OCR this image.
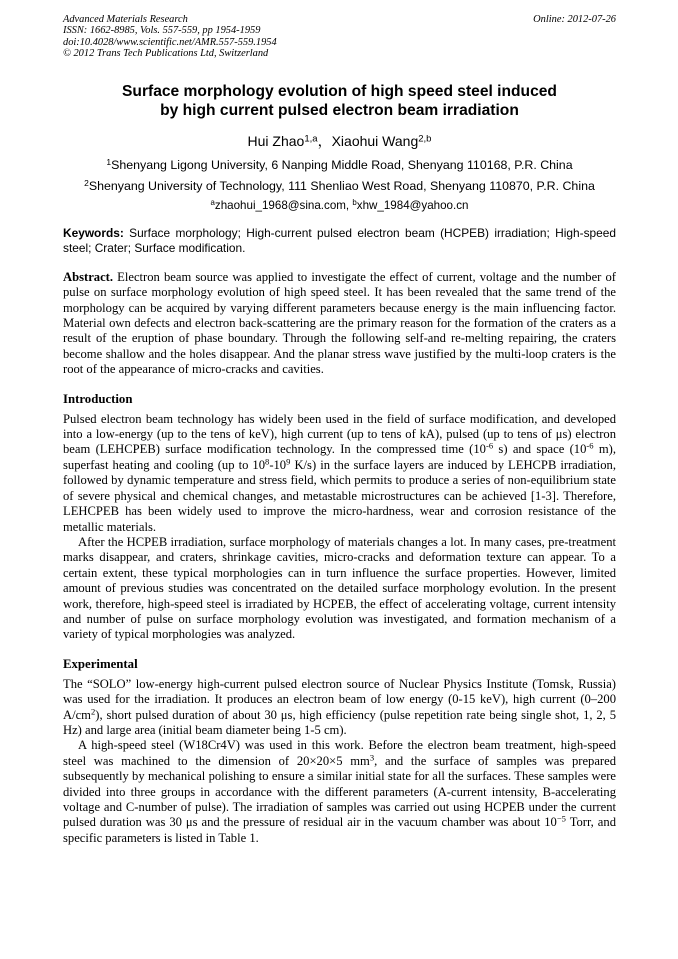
Advanced Materials Research
ISSN: 1662-8985, Vols. 557-559, pp 1954-1959
doi:10.4028/www.scientific.net/AMR.557-559.1954
© 2012 Trans Tech Publications Ltd, Switzerland
Online: 2012-07-26
Surface morphology evolution of high speed steel induced
by high current pulsed electron beam irradiation
Hui Zhao$^{1,a}$，Xiaohui Wang$^{2,b}$
$^1$Shenyang Ligong University, 6 Nanping Middle Road, Shenyang 110168, P.R. China
$^2$Shenyang University of Technology, 111 Shenliao West Road, Shenyang 110870, P.R. China
$^a$zhaohui_1968@sina.com, $^b$xhw_1984@yahoo.cn

Keywords: Surface morphology; High-current pulsed electron beam (HCPEB) irradiation; High-speed steel; Crater; Surface modification.

Abstract. Electron beam source was applied to investigate the effect of current, voltage and the number of pulse on surface morphology evolution of high speed steel. It has been revealed that the same trend of the morphology can be acquired by varying different parameters because energy is the main influencing factor. Material own defects and electron back-scattering are the primary reason for the formation of the craters as a result of the eruption of phase boundary. Through the following self-and re-melting repairing, the craters become shallow and the holes disappear. And the planar stress wave justified by the multi-loop craters is the root of the appearance of micro-cracks and cavities.

Introduction

Pulsed electron beam technology has widely been used in the field of surface modification, and developed into a low-energy (up to the tens of keV), high current (up to tens of kA), pulsed (up to tens of μs) electron beam (LEHCPEB) surface modification technology. In the compressed time ($10^{-6}$ s) and space ($10^{-6}$ m), superfast heating and cooling (up to $10^8-10^9$ K/s) in the surface layers are induced by LEHCPB irradiation, followed by dynamic temperature and stress field, which permits to produce a series of non-equilibrium state of severe physical and chemical changes, and metastable microstructures can be achieved [1-3]. Therefore, LEHCPEB has been widely used to improve the micro-hardness, wear and corrosion resistance of the metallic materials.

After the HCPEB irradiation, surface morphology of materials changes a lot. In many cases, pre-treatment marks disappear, and craters, shrinkage cavities, micro-cracks and deformation texture can appear. To a certain extent, these typical morphologies can in turn influence the surface properties. However, limited amount of previous studies was concentrated on the detailed surface morphology evolution. In the present work, therefore, high-speed steel is irradiated by HCPEB, the effect of accelerating voltage, current intensity and number of pulse on surface morphology evolution was investigated, and formation mechanism of a variety of typical morphologies was analyzed.

Experimental

The “SOLO” low-energy high-current pulsed electron source of Nuclear Physics Institute (Tomsk, Russia) was used for the irradiation. It produces an electron beam of low energy (0-15 keV), high current (0–200 $A/cm^2$), short pulsed duration of about 30 μs, high efficiency (pulse repetition rate being single shot, 1, 2, 5 Hz) and large area (initial beam diameter being 1-5 cm).

A high-speed steel (W18Cr4V) was used in this work. Before the electron beam treatment, high-speed steel was machined to the dimension of 20×20×5 $mm^3$, and the surface of samples was prepared subsequently by mechanical polishing to ensure a similar initial state for all the surfaces. These samples were divided into three groups in accordance with the different parameters (A-current intensity, B-accelerating voltage and C-number of pulse). The irradiation of samples was carried out using HCPEB under the current pulsed duration was 30 μs and the pressure of residual air in the vacuum chamber was about $10^{-5}$ Torr, and specific parameters is listed in Table 1.
